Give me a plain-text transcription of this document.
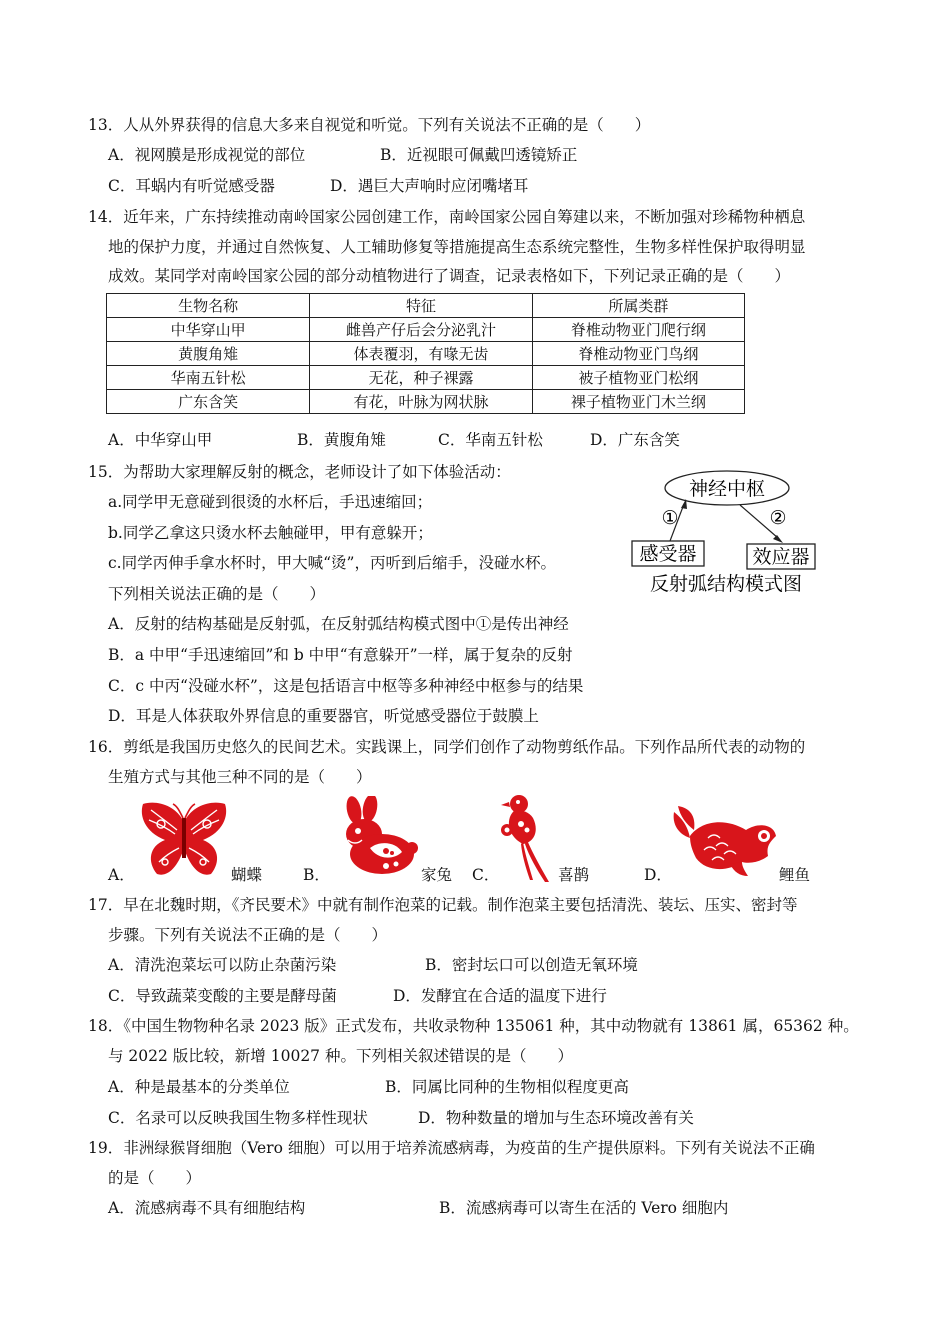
13．人从外界获得的信息大多来自视觉和听觉。下列有关说法不正确的是（　　）
A．视网膜是形成视觉的部位	B．近视眼可佩戴凹透镜矫正
C．耳蜗内有听觉感受器	D．遇巨大声响时应闭嘴堵耳
14．近年来，广东持续推动南岭国家公园创建工作，南岭国家公园自筹建以来，不断加强对珍稀物种栖息
地的保护力度，并通过自然恢复、人工辅助修复等措施提高生态系统完整性，生物多样性保护取得明显
成效。某同学对南岭国家公园的部分动植物进行了调查，记录表格如下，下列记录正确的是（　　）
生物名称	特征	所属类群
中华穿山甲	雌兽产仔后会分泌乳汁	脊椎动物亚门爬行纲
黄腹角雉	体表覆羽，有喙无齿	脊椎动物亚门鸟纲
华南五针松	无花，种子裸露	被子植物亚门松纲
广东含笑	有花，叶脉为网状脉	裸子植物亚门木兰纲
A．中华穿山甲	B．黄腹角雉	C．华南五针松	D．广东含笑
15．为帮助大家理解反射的概念，老师设计了如下体验活动：
a.同学甲无意碰到很烫的水杯后，手迅速缩回；
b.同学乙拿这只烫水杯去触碰甲，甲有意躲开；
c.同学丙伸手拿水杯时，甲大喊“烫”，丙听到后缩手，没碰水杯。
下列相关说法正确的是（　　）
A．反射的结构基础是反射弧，在反射弧结构模式图中①是传出神经
B．a 中甲“手迅速缩回”和 b 中甲“有意躲开”一样，属于复杂的反射
C．c 中丙“没碰水杯”，这是包括语言中枢等多种神经中枢参与的结果
D．耳是人体获取外界信息的重要器官，听觉感受器位于鼓膜上
神经中枢
①	②
感受器	效应器
反射弧结构模式图
16．剪纸是我国历史悠久的民间艺术。实践课上，同学们创作了动物剪纸作品。下列作品所代表的动物的
生殖方式与其他三种不同的是（　　）
A．	蝴蝶	B．	家兔 C．	喜鹊	D．	鲤鱼
17．早在北魏时期，《齐民要术》中就有制作泡菜的记载。制作泡菜主要包括清洗、装坛、压实、密封等
步骤。下列有关说法不正确的是（　　）
A．清洗泡菜坛可以防止杂菌污染	B．密封坛口可以创造无氧环境
C．导致蔬菜变酸的主要是酵母菌	D．发酵宜在合适的温度下进行
18．《中国生物物种名录 2023 版》正式发布，共收录物种 135061 种，其中动物就有 13861 属，65362 种。
与 2022 版比较，新增 10027 种。下列相关叙述错误的是（　　）
A．种是最基本的分类单位	B．同属比同种的生物相似程度更高
C．名录可以反映我国生物多样性现状	D．物种数量的增加与生态环境改善有关
19．非洲绿猴肾细胞（Vero 细胞）可以用于培养流感病毒，为疫苗的生产提供原料。下列有关说法不正确
的是（　　）
A．流感病毒不具有细胞结构	B．流感病毒可以寄生在活的 Vero 细胞内
